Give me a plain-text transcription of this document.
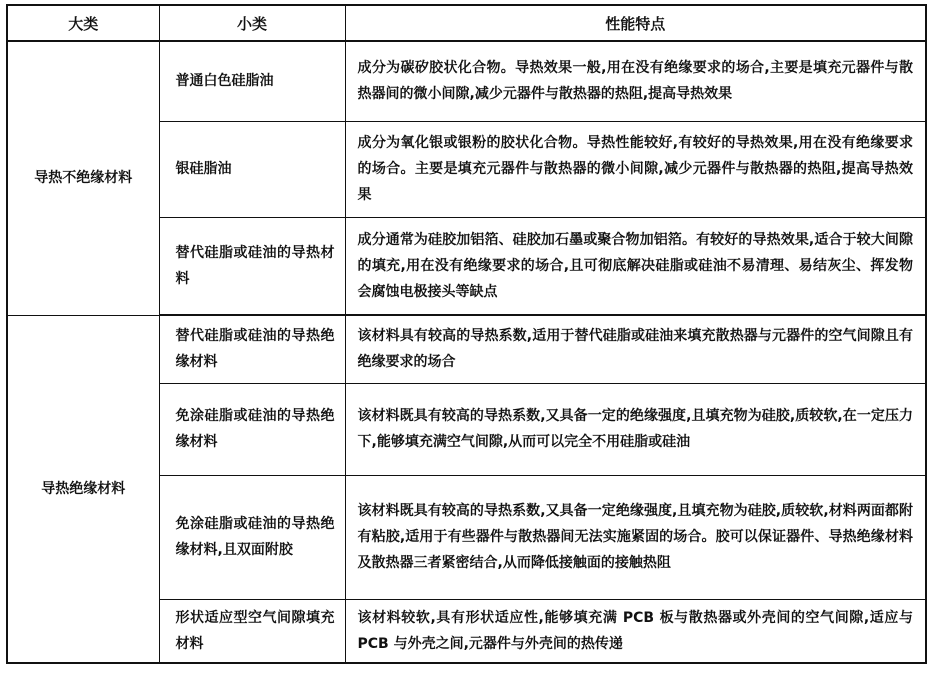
大类	小类	性能特点
导热不绝缘材料	普通白色硅脂油	成分为碳矽胶状化合物。导热效果一般,用在没有绝缘要求的场合,主要是填充元器件与散热器间的微小间隙,减少元器件与散热器的热阻,提高导热效果
	银硅脂油	成分为氧化银或银粉的胶状化合物。导热性能较好,有较好的导热效果,用在没有绝缘要求的场合。主要是填充元器件与散热器的微小间隙,减少元器件与散热器的热阻,提高导热效果
	替代硅脂或硅油的导热材料	成分通常为硅胶加铝箔、硅胶加石墨或聚合物加铝箔。有较好的导热效果,适合于较大间隙的填充,用在没有绝缘要求的场合,且可彻底解决硅脂或硅油不易清理、易结灰尘、挥发物会腐蚀电极接头等缺点
导热绝缘材料	替代硅脂或硅油的导热绝缘材料	该材料具有较高的导热系数,适用于替代硅脂或硅油来填充散热器与元器件的空气间隙且有绝缘要求的场合
	免涂硅脂或硅油的导热绝缘材料	该材料既具有较高的导热系数,又具备一定的绝缘强度,且填充物为硅胶,质较软,在一定压力下,能够填充满空气间隙,从而可以完全不用硅脂或硅油
	免涂硅脂或硅油的导热绝缘材料,且双面附胶	该材料既具有较高的导热系数,又具备一定绝缘强度,且填充物为硅胶,质较软,材料两面都附有粘胶,适用于有些器件与散热器间无法实施紧固的场合。胶可以保证器件、导热绝缘材料及散热器三者紧密结合,从而降低接触面的接触热阻
	形状适应型空气间隙填充材料	该材料较软,具有形状适应性,能够填充满 PCB 板与散热器或外壳间的空气间隙,适应与 PCB 与外壳之间,元器件与外壳间的热传递
